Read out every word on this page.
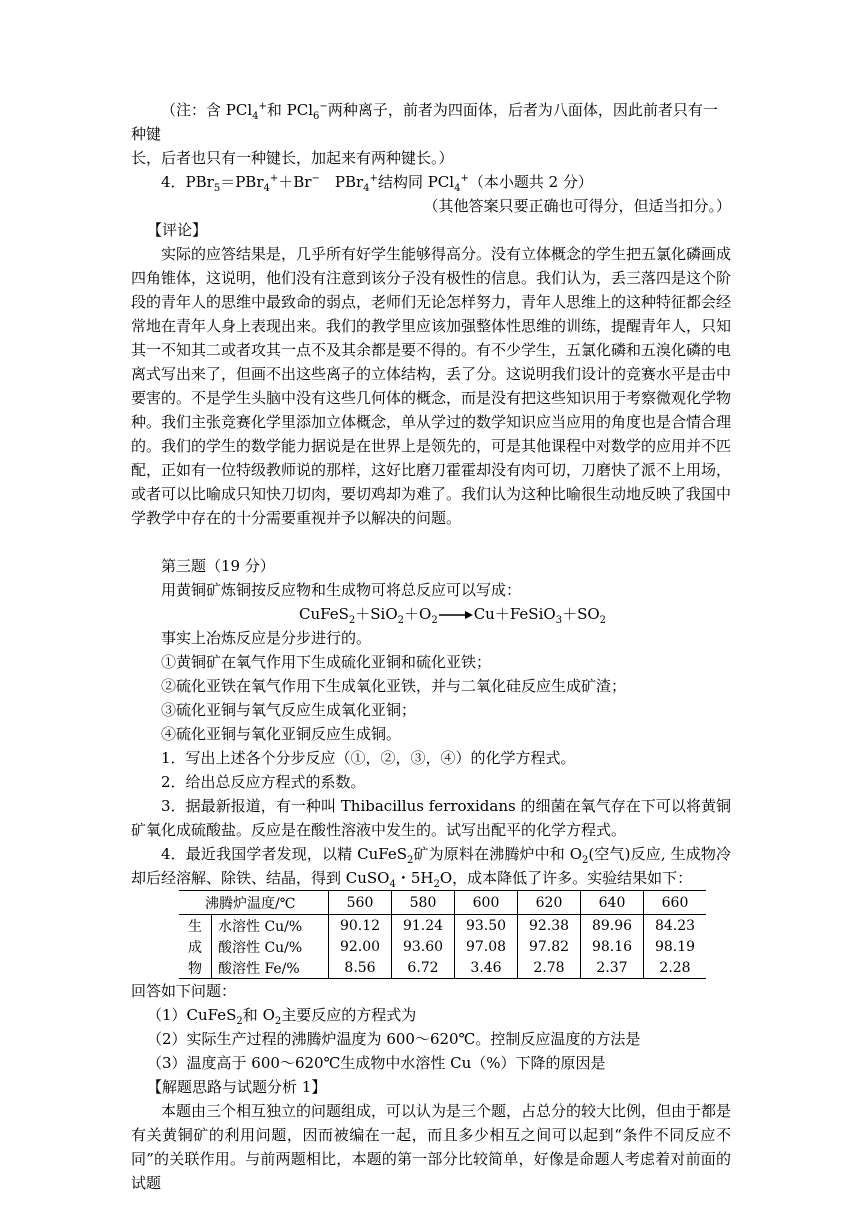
（注：含 PCl$_4$+和 PCl$_6$−两种离子，前者为四面体，后者为八面体，因此前者只有一种键

长，后者也只有一种键长，加起来有两种键长。）

4．PBr$_5$＝PBr$_4$+＋Br−　PBr$_4$+结构同 PCl$_4$+（本小题共 2 分）

（其他答案只要正确也可得分，但适当扣分。）

【评论】

实际的应答结果是，几乎所有好学生能够得高分。没有立体概念的学生把五氯化磷画成四角锥体，这说明，他们没有注意到该分子没有极性的信息。我们认为，丢三落四是这个阶段的青年人的思维中最致命的弱点，老师们无论怎样努力，青年人思维上的这种特征都会经常地在青年人身上表现出来。我们的教学里应该加强整体性思维的训练，提醒青年人，只知其一不知其二或者攻其一点不及其余都是要不得的。有不少学生，五氯化磷和五溴化磷的电离式写出来了，但画不出这些离子的立体结构，丢了分。这说明我们设计的竞赛水平是击中要害的。不是学生头脑中没有这些几何体的概念，而是没有把这些知识用于考察微观化学物种。我们主张竞赛化学里添加立体概念，单从学过的数学知识应当应用的角度也是合情合理的。我们的学生的数学能力据说是在世界上是领先的，可是其他课程中对数学的应用并不匹配，正如有一位特级教师说的那样，这好比磨刀霍霍却没有肉可切，刀磨快了派不上用场，或者可以比喻成只知快刀切肉，要切鸡却为难了。我们认为这种比喻很生动地反映了我国中学教学中存在的十分需要重视并予以解决的问题。

第三题（19 分）

用黄铜矿炼铜按反应物和生成物可将总反应可以写成：

$CuFeS_2+SiO_2+O_2\to Cu+FeSiO_3+SO_2$

事实上冶炼反应是分步进行的。

①黄铜矿在氧气作用下生成硫化亚铜和硫化亚铁；

②硫化亚铁在氧气作用下生成氧化亚铁，并与二氧化硅反应生成矿渣；

③硫化亚铜与氧气反应生成氧化亚铜；

④硫化亚铜与氧化亚铜反应生成铜。

1．写出上述各个分步反应（①，②，③，④）的化学方程式。

2．给出总反应方程式的系数。

3．据最新报道，有一种叫 Thibacillus ferroxidans 的细菌在氧气存在下可以将黄铜矿氧化成硫酸盐。反应是在酸性溶液中发生的。试写出配平的化学方程式。

4．最近我国学者发现，以精 CuFeS$_2$矿为原料在沸腾炉中和 $O_2$(空气)反应, 生成物冷却后经溶解、除铁、结晶，得到 CuSO$_4$・$5H_2O$，成本降低了许多。实验结果如下：

沸腾炉温度/℃		560	580	600	620	640	660
生	水溶性 Cu/%	90.12	91.24	93.50	92.38	89.96	84.23
成	酸溶性 Cu/%	92.00	93.60	97.08	97.82	98.16	98.19
物	酸溶性 Fe/%	8.56	6.72	3.46	2.78	2.37	2.28

回答如下问题：

（1）CuFeS$_2$和 $O_2$主要反应的方程式为

（2）实际生产过程的沸腾炉温度为 600～620℃。控制反应温度的方法是

（3）温度高于 600～620℃生成物中水溶性 Cu（%）下降的原因是

【解题思路与试题分析 1】

本题由三个相互独立的问题组成，可以认为是三个题，占总分的较大比例，但由于都是有关黄铜矿的利用问题，因而被编在一起，而且多少相互之间可以起到“条件不同反应不同”的关联作用。与前两题相比，本题的第一部分比较简单，好像是命题人考虑着对前面的试题
